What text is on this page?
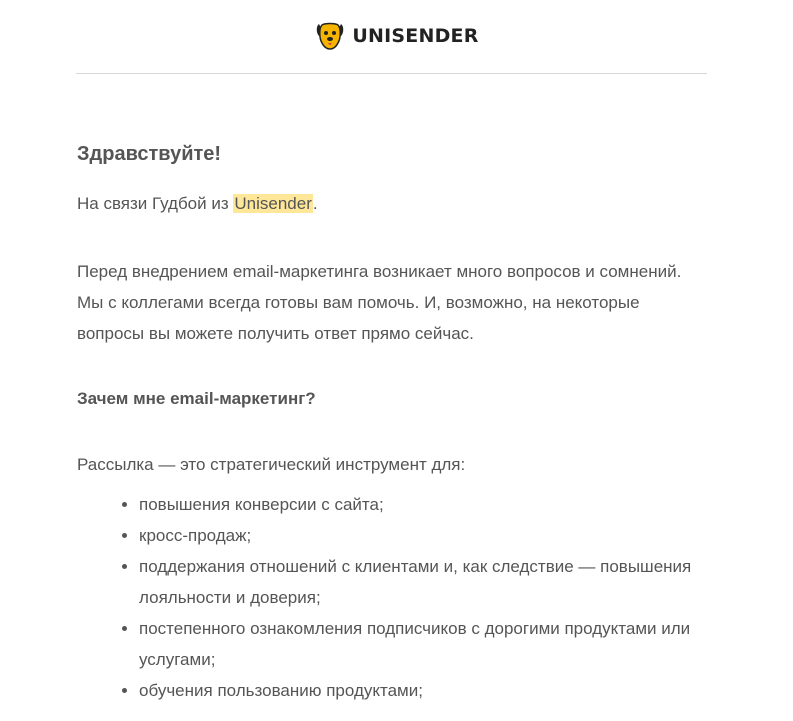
UNISENDER
Здравствуйте!

На связи Гудбой из Unisender.

Перед внедрением email-маркетинга возникает много вопросов и сомнений. Мы с коллегами всегда готовы вам помочь. И, возможно, на некоторые вопросы вы можете получить ответ прямо сейчас.

Зачем мне email-маркетинг?

Рассылка — это стратегический инструмент для:

• повышения конверсии с сайта;
• кросс-продаж;
• поддержания отношений с клиентами и, как следствие — повышения лояльности и доверия;
• постепенного ознакомления подписчиков с дорогими продуктами или услугами;
• обучения пользованию продуктами;
